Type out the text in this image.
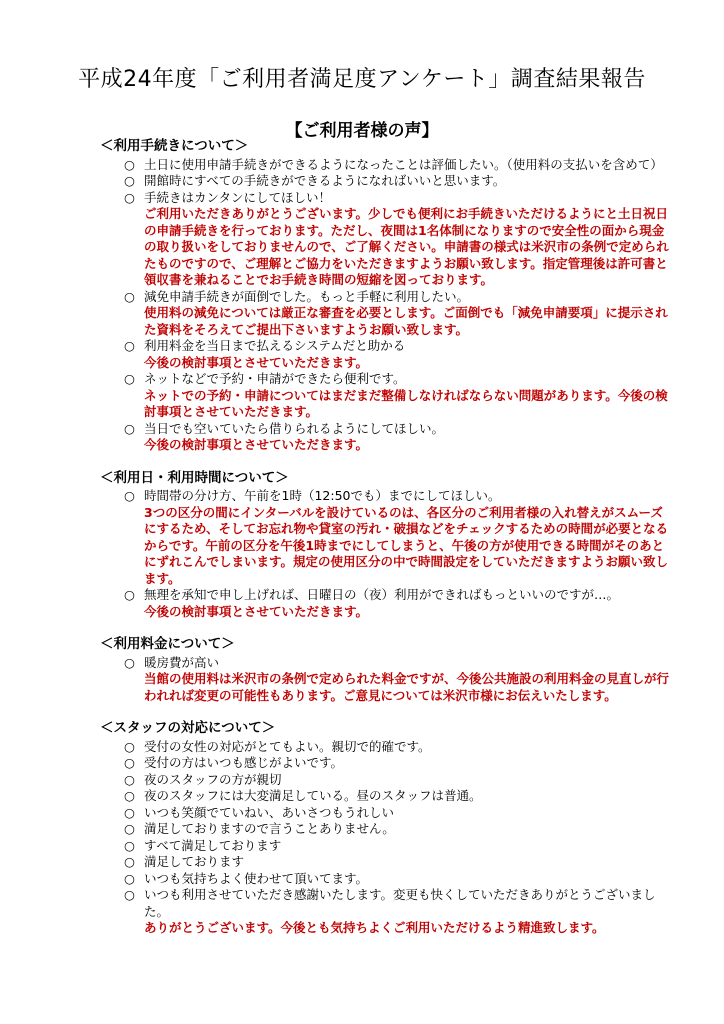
平成24年度「ご利用者満足度アンケート」調査結果報告
【ご利用者様の声】
＜利用手続きについて＞
○ 土日に使用申請手続きができるようになったことは評価したい。（使用料の支払いを含めて）
○ 開館時にすべての手続きができるようになればいいと思います。
○ 手続きはカンタンにしてほしい！
ご利用いただきありがとうございます。少しでも便利にお手続きいただけるようにと土日祝日の申請手続きを行っております。ただし、夜間は1名体制になりますので安全性の面から現金の取り扱いをしておりませんので、ご了解ください。申請書の様式は米沢市の条例で定められたものですので、ご理解とご協力をいただきますようお願い致します。指定管理後は許可書と領収書を兼ねることでお手続き時間の短縮を図っております。
○ 減免申請手続きが面倒でした。もっと手軽に利用したい。
使用料の減免については厳正な審査を必要とします。ご面倒でも「減免申請要項」に提示された資料をそろえてご提出下さいますようお願い致します。
○ 利用料金を当日まで払えるシステムだと助かる
今後の検討事項とさせていただきます。
○ ネットなどで予約・申請ができたら便利です。
ネットでの予約・申請についてはまだまだ整備しなければならない問題があります。今後の検討事項とさせていただきます。
○ 当日でも空いていたら借りられるようにしてほしい。
今後の検討事項とさせていただきます。
＜利用日・利用時間について＞
○ 時間帯の分け方、午前を1時（12:50でも）までにしてほしい。
3つの区分の間にインターバルを設けているのは、各区分のご利用者様の入れ替えがスムーズにするため、そしてお忘れ物や貸室の汚れ・破損などをチェックするための時間が必要となるからです。午前の区分を午後1時までにしてしまうと、午後の方が使用できる時間がそのあとにずれこんでしまいます。規定の使用区分の中で時間設定をしていただきますようお願い致します。
○ 無理を承知で申し上げれば、日曜日の（夜）利用ができればもっといいのですが…。
今後の検討事項とさせていただきます。
＜利用料金について＞
○ 暖房費が高い
当館の使用料は米沢市の条例で定められた料金ですが、今後公共施設の利用料金の見直しが行われれば変更の可能性もあります。ご意見については米沢市様にお伝えいたします。
＜スタッフの対応について＞
○ 受付の女性の対応がとてもよい。親切で的確です。
○ 受付の方はいつも感じがよいです。
○ 夜のスタッフの方が親切
○ 夜のスタッフには大変満足している。昼のスタッフは普通。
○ いつも笑顔でていねい、あいさつもうれしい
○ 満足しておりますので言うことありません。
○ すべて満足しております
○ 満足しております
○ いつも気持ちよく使わせて頂いてます。
○ いつも利用させていただき感謝いたします。変更も快くしていただきありがとうございました。
ありがとうございます。今後とも気持ちよくご利用いただけるよう精進致します。
